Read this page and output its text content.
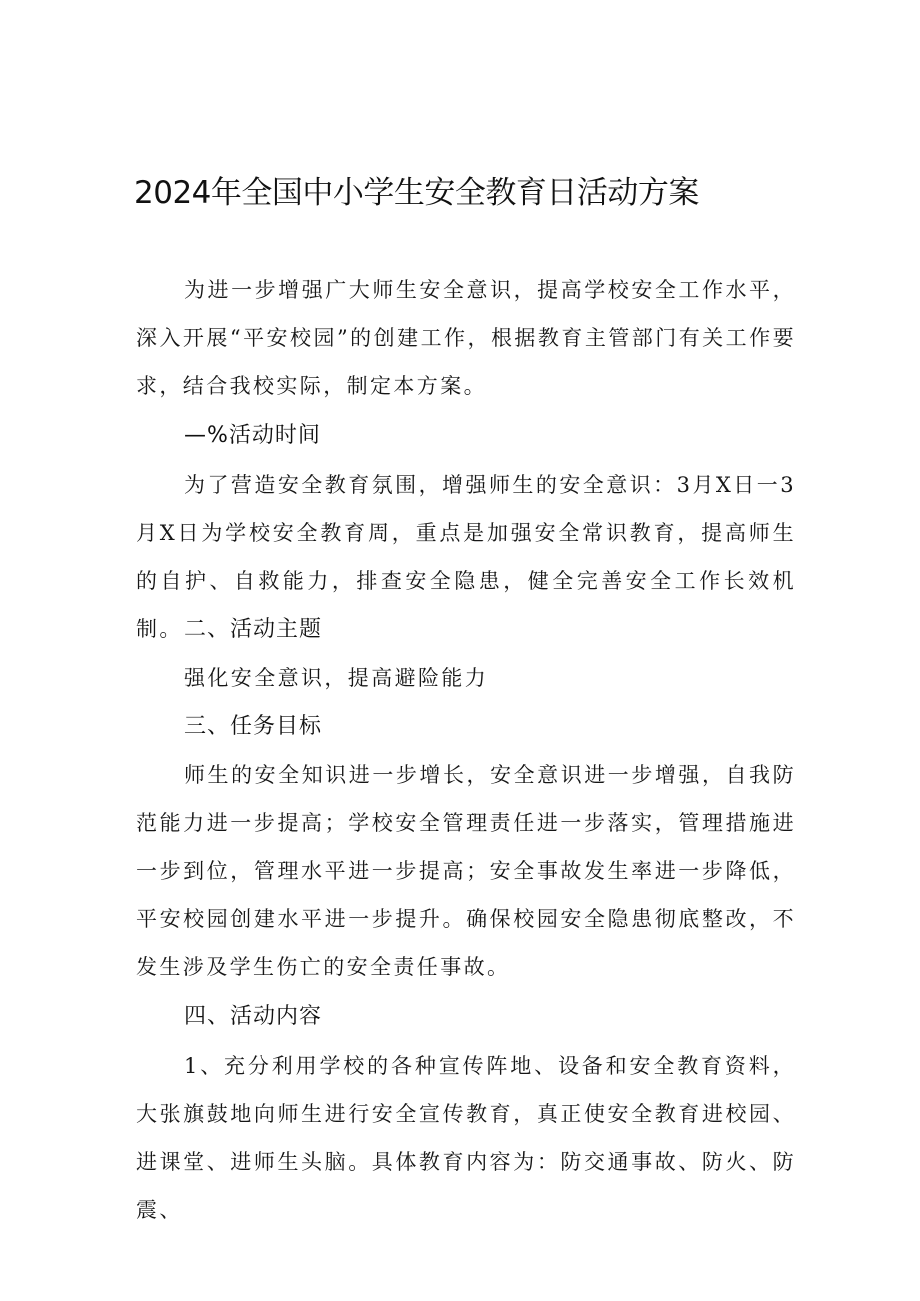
2024年全国中小学生安全教育日活动方案

为进一步增强广大师生安全意识，提高学校安全工作水平，深入开展“平安校园”的创建工作，根据教育主管部门有关工作要求，结合我校实际，制定本方案。

—%活动时间

为了营造安全教育氛围，增强师生的安全意识：3月X日一3月X日为学校安全教育周，重点是加强安全常识教育，提高师生的自护、自救能力，排查安全隐患，健全完善安全工作长效机制。 二、活动主题

强化安全意识，提高避险能力

三、任务目标

师生的安全知识进一步增长，安全意识进一步增强，自我防范能力进一步提高；学校安全管理责任进一步落实，管理措施进一步到位，管理水平进一步提高；安全事故发生率进一步降低，平安校园创建水平进一步提升。确保校园安全隐患彻底整改，不发生涉及学生伤亡的安全责任事故。

四、活动内容

1、充分利用学校的各种宣传阵地、设备和安全教育资料，大张旗鼓地向师生进行安全宣传教育，真正使安全教育进校园、进课堂、进师生头脑。具体教育内容为：防交通事故、防火、防震、
